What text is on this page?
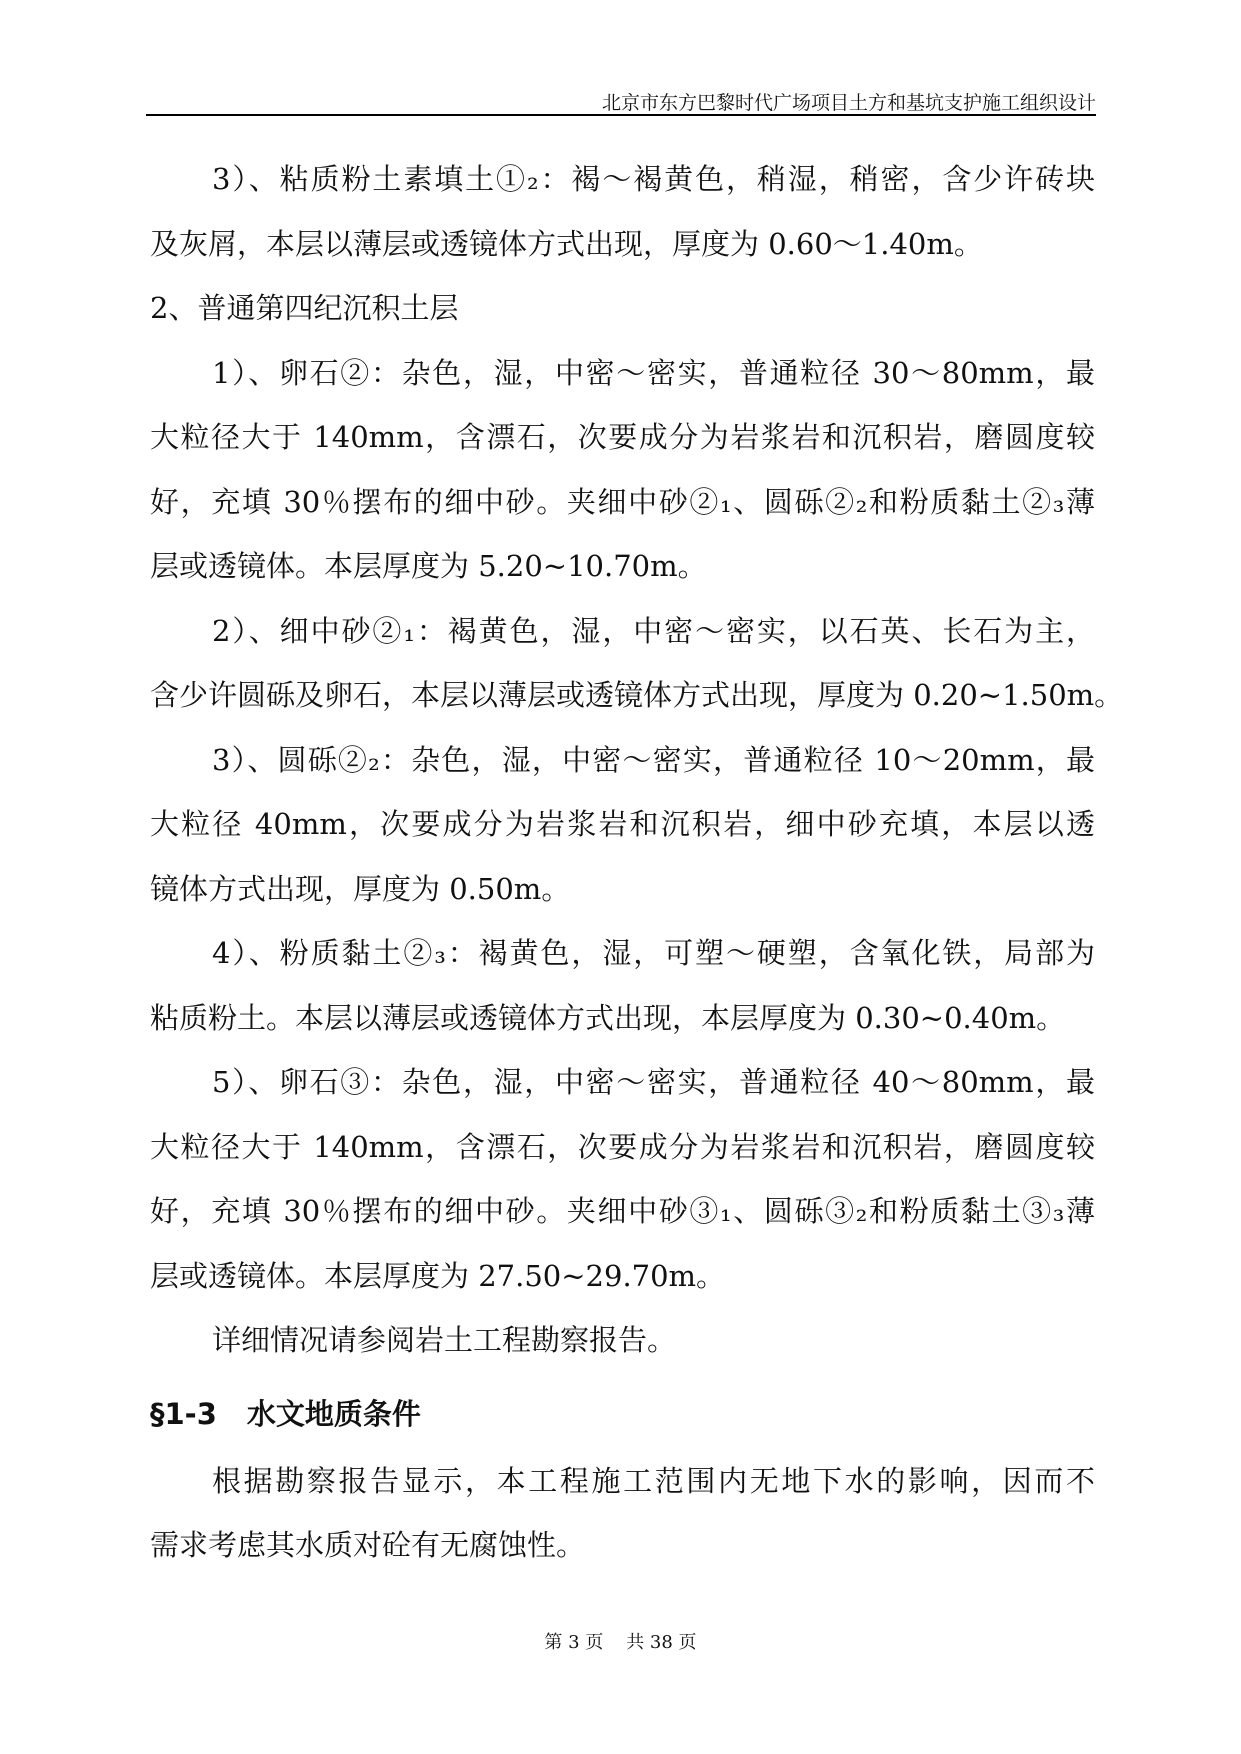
北京市东方巴黎时代广场项目土方和基坑支护施工组织设计
3）、粘质粉土素填土①₂：褐～褐黄色，稍湿，稍密，含少许砖块
及灰屑，本层以薄层或透镜体方式出现，厚度为 0.60～1.40m。
2、普通第四纪沉积土层
1）、卵石②：杂色，湿，中密～密实，普通粒径 30～80mm，最
大粒径大于 140mm，含漂石，次要成分为岩浆岩和沉积岩，磨圆度较
好，充填 30％摆布的细中砂。夹细中砂②₁、圆砾②₂和粉质黏土②₃薄
层或透镜体。本层厚度为 5.20~10.70m。
2）、细中砂②₁：褐黄色，湿，中密～密实，以石英、长石为主，
含少许圆砾及卵石，本层以薄层或透镜体方式出现，厚度为 0.20~1.50m。
3）、圆砾②₂：杂色，湿，中密～密实，普通粒径 10～20mm，最
大粒径 40mm，次要成分为岩浆岩和沉积岩，细中砂充填，本层以透
镜体方式出现，厚度为 0.50m。
4）、粉质黏土②₃：褐黄色，湿，可塑～硬塑，含氧化铁，局部为
粘质粉土。本层以薄层或透镜体方式出现，本层厚度为 0.30~0.40m。
5）、卵石③：杂色，湿，中密～密实，普通粒径 40～80mm，最
大粒径大于 140mm，含漂石，次要成分为岩浆岩和沉积岩，磨圆度较
好，充填 30％摆布的细中砂。夹细中砂③₁、圆砾③₂和粉质黏土③₃薄
层或透镜体。本层厚度为 27.50~29.70m。
详细情况请参阅岩土工程勘察报告。
§1-3 水文地质条件
根据勘察报告显示，本工程施工范围内无地下水的影响，因而不
需求考虑其水质对砼有无腐蚀性。
第 3 页    共 38 页
